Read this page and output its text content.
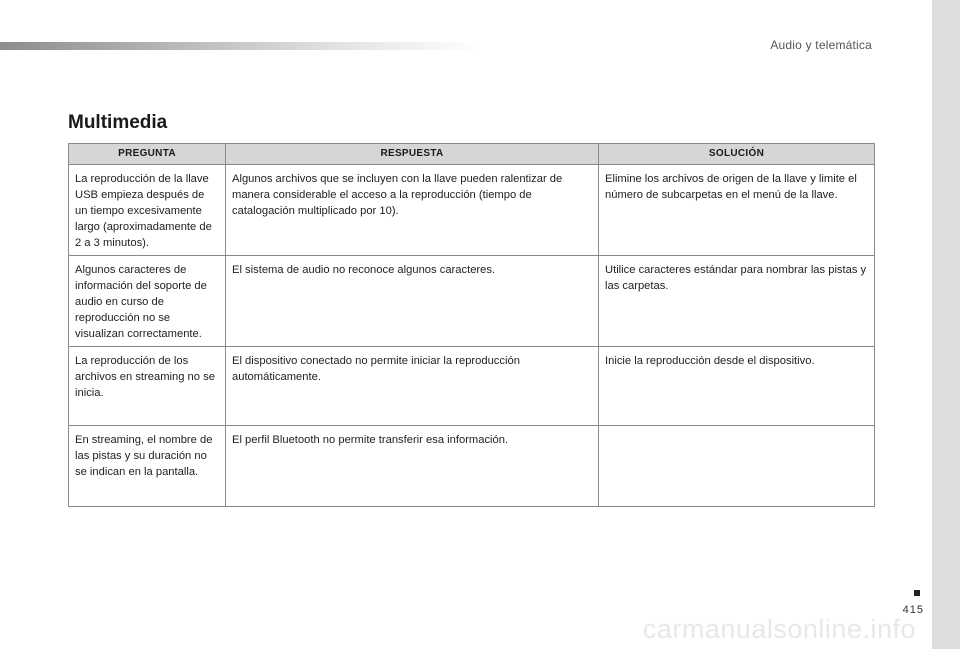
Audio y telemática
Multimedia
PREGUNTA	RESPUESTA	SOLUCIÓN
La reproducción de la llave USB empieza después de un tiempo excesivamente largo (aproximadamente de 2 a 3 minutos).	Algunos archivos que se incluyen con la llave pueden ralentizar de manera considerable el acceso a la reproducción (tiempo de catalogación multiplicado por 10).	Elimine los archivos de origen de la llave y limite el número de subcarpetas en el menú de la llave.
Algunos caracteres de información del soporte de audio en curso de reproducción no se visualizan correctamente.	El sistema de audio no reconoce algunos caracteres.	Utilice caracteres estándar para nombrar las pistas y las carpetas.
La reproducción de los archivos en streaming no se inicia.	El dispositivo conectado no permite iniciar la reproducción automáticamente.	Inicie la reproducción desde el dispositivo.
En streaming, el nombre de las pistas y su duración no se indican en la pantalla.	El perfil Bluetooth no permite transferir esa información.	
415
carmanualsonline.info
